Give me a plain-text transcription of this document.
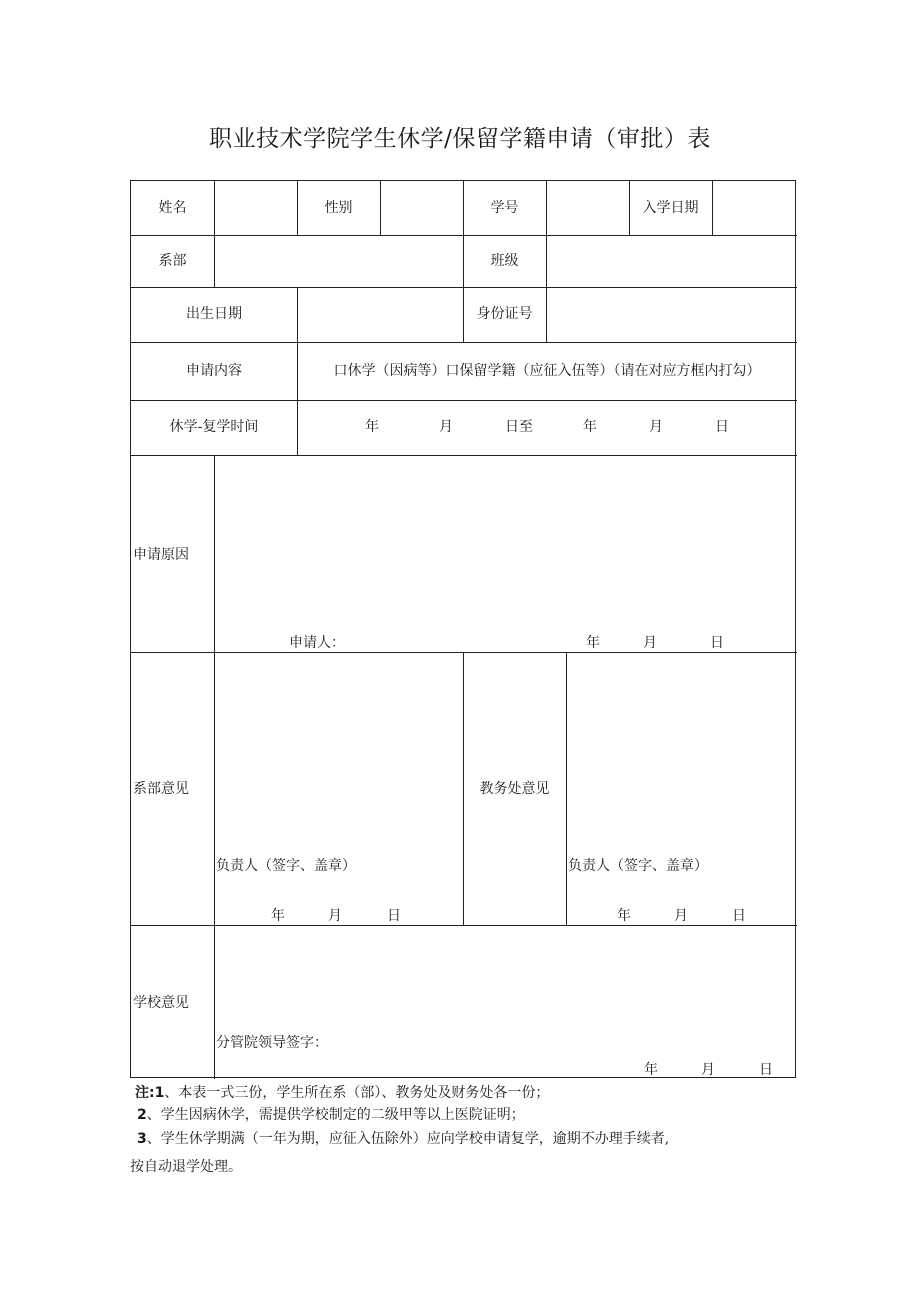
职业技术学院学生休学/保留学籍申请（审批）表
姓名	性别	学号	入学日期
系部	班级
出生日期	身份证号
申请内容	口休学（因病等）口保留学籍（应征入伍等）（请在对应方框内打勾）
休学-复学时间	年	月	日至	年	月	日
申请原因
申请人：	年	月	日
系部意见
负责人（签字、盖章）
年	月	日
教务处意见
负责人（签字、盖章）
年	月	日
学校意见
分管院领导签字：
年	月	日
注:1、本表一式三份，学生所在系（部）、教务处及财务处各一份；
2、学生因病休学，需提供学校制定的二级甲等以上医院证明；
3、学生休学期满（一年为期，应征入伍除外）应向学校申请复学，逾期不办理手续者,
按自动退学处理。
